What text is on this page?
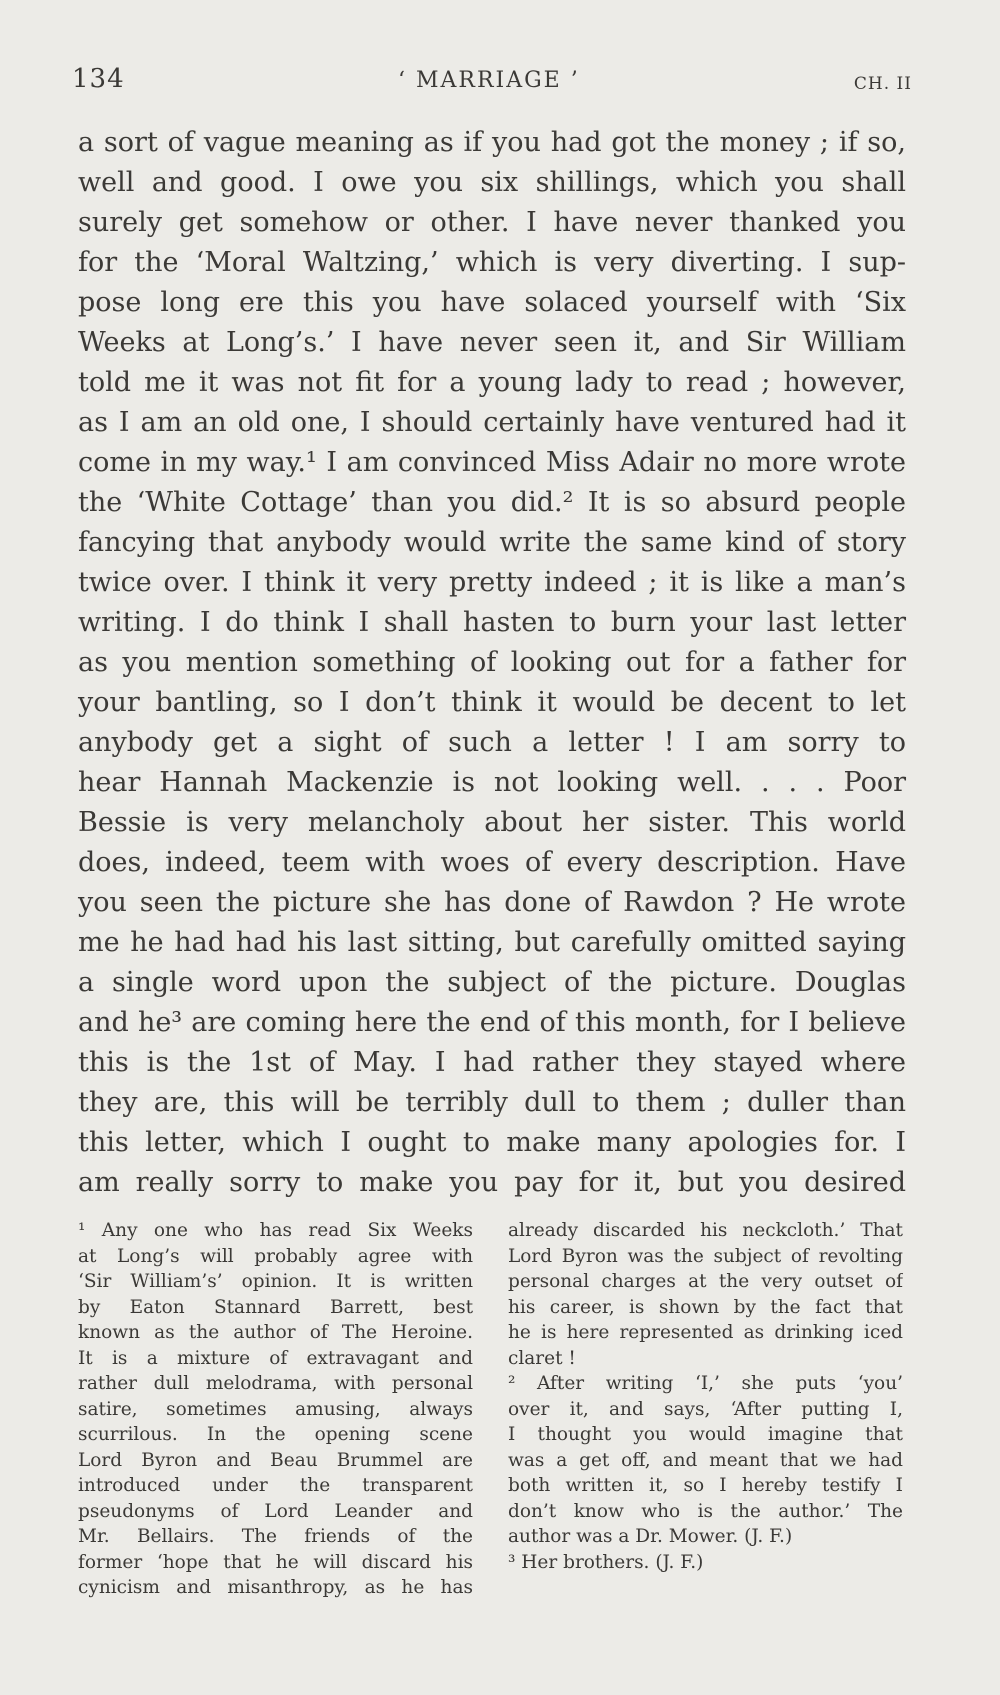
134	‘ MARRIAGE ’	CH. II
a sort of vague meaning as if you had got the money ; if so,
well and good. I owe you six shillings, which you shall
surely get somehow or other. I have never thanked you
for the ‘Moral Waltzing,’ which is very diverting. I sup-
pose long ere this you have solaced yourself with ‘Six
Weeks at Long’s.’ I have never seen it, and Sir William
told me it was not fit for a young lady to read ; however,
as I am an old one, I should certainly have ventured had it
come in my way.¹ I am convinced Miss Adair no more wrote
the ‘White Cottage’ than you did.² It is so absurd people
fancying that anybody would write the same kind of story
twice over. I think it very pretty indeed ; it is like a man’s
writing. I do think I shall hasten to burn your last letter
as you mention something of looking out for a father for
your bantling, so I don’t think it would be decent to let
anybody get a sight of such a letter ! I am sorry to
hear Hannah Mackenzie is not looking well. . . . Poor
Bessie is very melancholy about her sister. This world
does, indeed, teem with woes of every description. Have
you seen the picture she has done of Rawdon ? He wrote
me he had had his last sitting, but carefully omitted saying
a single word upon the subject of the picture. Douglas
and he³ are coming here the end of this month, for I believe
this is the 1st of May. I had rather they stayed where
they are, this will be terribly dull to them ; duller than
this letter, which I ought to make many apologies for. I
am really sorry to make you pay for it, but you desired
¹ Any one who has read Six Weeks
at Long’s will probably agree with
‘Sir William’s’ opinion. It is written
by Eaton Stannard Barrett, best
known as the author of The Heroine.
It is a mixture of extravagant and
rather dull melodrama, with personal
satire, sometimes amusing, always
scurrilous. In the opening scene
Lord Byron and Beau Brummel are
introduced under the transparent
pseudonyms of Lord Leander and
Mr. Bellairs. The friends of the
former ‘hope that he will discard his
cynicism and misanthropy, as he has
already discarded his neckcloth.’ That
Lord Byron was the subject of revolting
personal charges at the very outset of
his career, is shown by the fact that
he is here represented as drinking iced
claret !
² After writing ‘I,’ she puts ‘you’
over it, and says, ‘After putting I,
I thought you would imagine that
was a get off, and meant that we had
both written it, so I hereby testify I
don’t know who is the author.’ The
author was a Dr. Mower. (J. F.)
³ Her brothers. (J. F.)
